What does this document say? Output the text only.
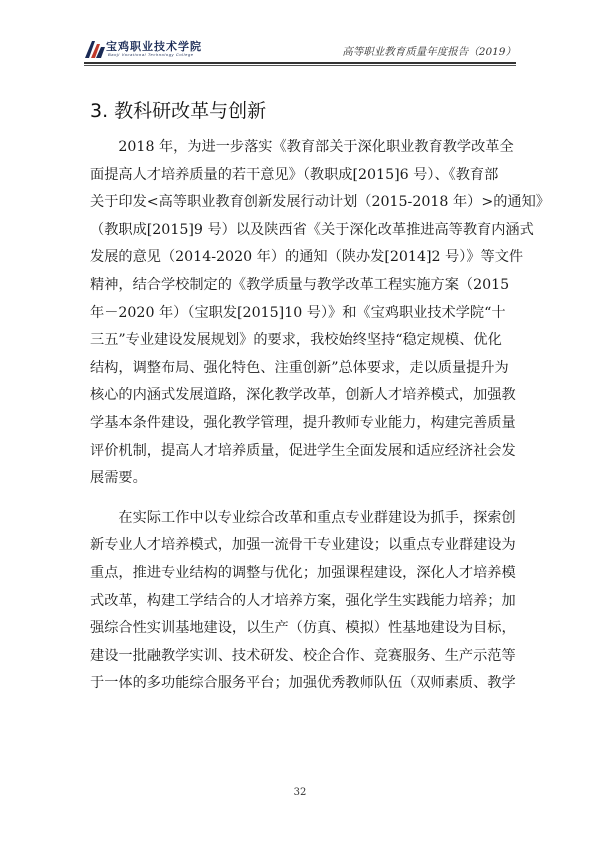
宝鸡职业技术学院
Baoji Vocational Technology College	高等职业教育质量年度报告（2019）
3. 教科研改革与创新

　　2018 年，为进一步落实《教育部关于深化职业教育教学改革全

面提高人才培养质量的若干意见》（教职成[2015]6 号）、《教育部

关于印发<高等职业教育创新发展行动计划（2015-2018 年）>的通知》

（教职成[2015]9 号）以及陕西省《关于深化改革推进高等教育内涵式

发展的意见（2014-2020 年）的通知（陕办发[2014]2 号）》等文件

精神，结合学校制定的《教学质量与教学改革工程实施方案（2015

年－2020 年）（宝职发[2015]10 号）》和《宝鸡职业技术学院“十

三五”专业建设发展规划》的要求，我校始终坚持“稳定规模、优化

结构，调整布局、强化特色、注重创新”总体要求，走以质量提升为

核心的内涵式发展道路，深化教学改革，创新人才培养模式，加强教

学基本条件建设，强化教学管理，提升教师专业能力，构建完善质量

评价机制，提高人才培养质量，促进学生全面发展和适应经济社会发

展需要。

　　在实际工作中以专业综合改革和重点专业群建设为抓手，探索创

新专业人才培养模式，加强一流骨干专业建设；以重点专业群建设为

重点，推进专业结构的调整与优化；加强课程建设，深化人才培养模

式改革，构建工学结合的人才培养方案，强化学生实践能力培养；加

强综合性实训基地建设，以生产（仿真、模拟）性基地建设为目标，

建设一批融教学实训、技术研发、校企合作、竞赛服务、生产示范等

于一体的多功能综合服务平台；加强优秀教师队伍（双师素质、教学

32
